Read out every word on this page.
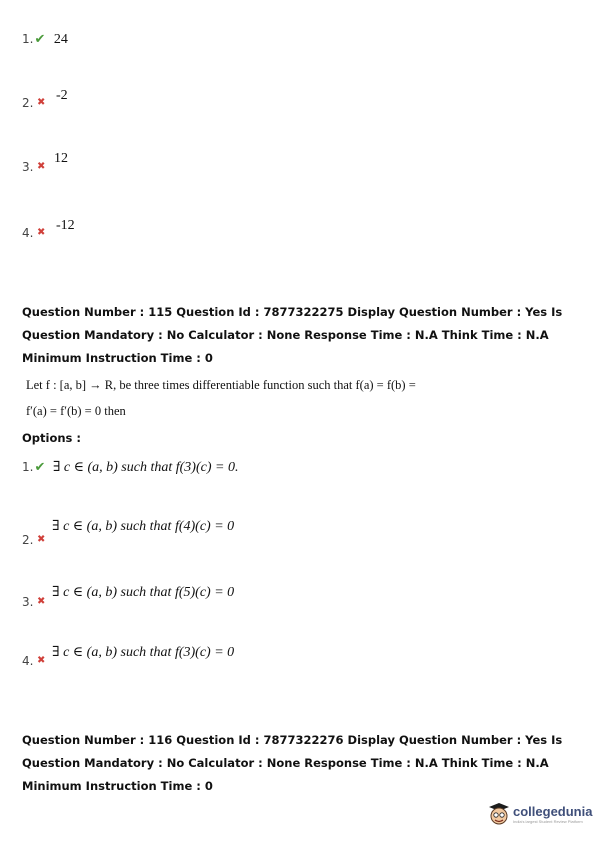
1.✔ 24
2. ✖ -2
3. ✖
12
4. ✖ -12
Question Number : 115 Question Id : 7877322275 Display Question Number : Yes Is Question Mandatory : No Calculator : None Response Time : N.A Think Time : N.A Minimum Instruction Time : 0
Let f : [a, b] → R, be three times differentiable function such that f(a) = f(b) =
f′(a) = f′(b) = 0 then
Options :
1.✔ ∃ c ∈ (a, b) such that f(3)(c) = 0.
2. ✖
∃ c ∈ (a, b) such that f(4)(c) = 0
3. ✖
∃ c ∈ (a, b) such that f(5)(c) = 0
4. ✖
∃ c ∈ (a, b) such that f(3)(c) = 0
Question Number : 116 Question Id : 7877322276 Display Question Number : Yes Is Question Mandatory : No Calculator : None Response Time : N.A Think Time : N.A Minimum Instruction Time : 0
collegedunia
India's largest Student Review Platform
